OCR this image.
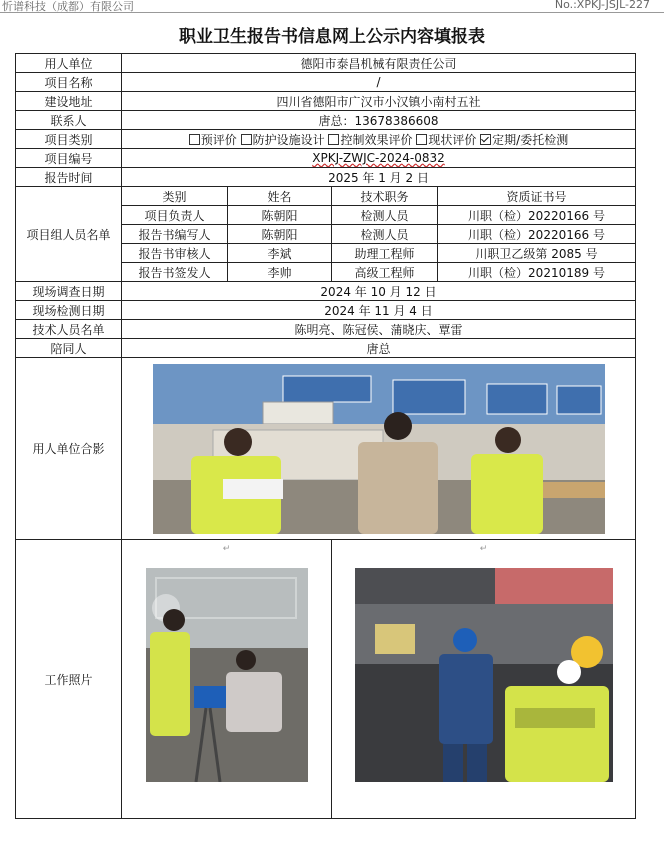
忻谱科技（成都）有限公司	No.:XPKJ-JSJL-227
职业卫生报告书信息网上公示内容填报表
用人单位	德阳市泰昌机械有限责任公司			
项目名称	/			
建设地址	四川省德阳市广汉市小汉镇小南村五社			
联系人	唐总：13678386608			
项目类别	预评价 防护设施设计 控制效果评价 现状评价 定期/委托检测			
项目编号	XPKJ-ZWJC-2024-0832			
报告时间	2025 年 1 月 2 日			
项目组人员名单	类别	姓名	技术职务	资质证书号
	项目负责人	陈朝阳	检测人员	川职（检）20220166 号
	报告书编写人	陈朝阳	检测人员	川职（检）20220166 号
	报告书审核人	李斌	助理工程师	川职卫乙级第 2085 号
	报告书签发人	李帅	高级工程师	川职（检）20210189 号
现场调查日期	2024 年 10 月 12 日			
现场检测日期	2024 年 11 月 4 日			
技术人员名单	陈明亮、陈冠侯、蒲晓庆、覃雷			
陪同人	唐总			
用人单位合影	

工作照片	↵		↵	
